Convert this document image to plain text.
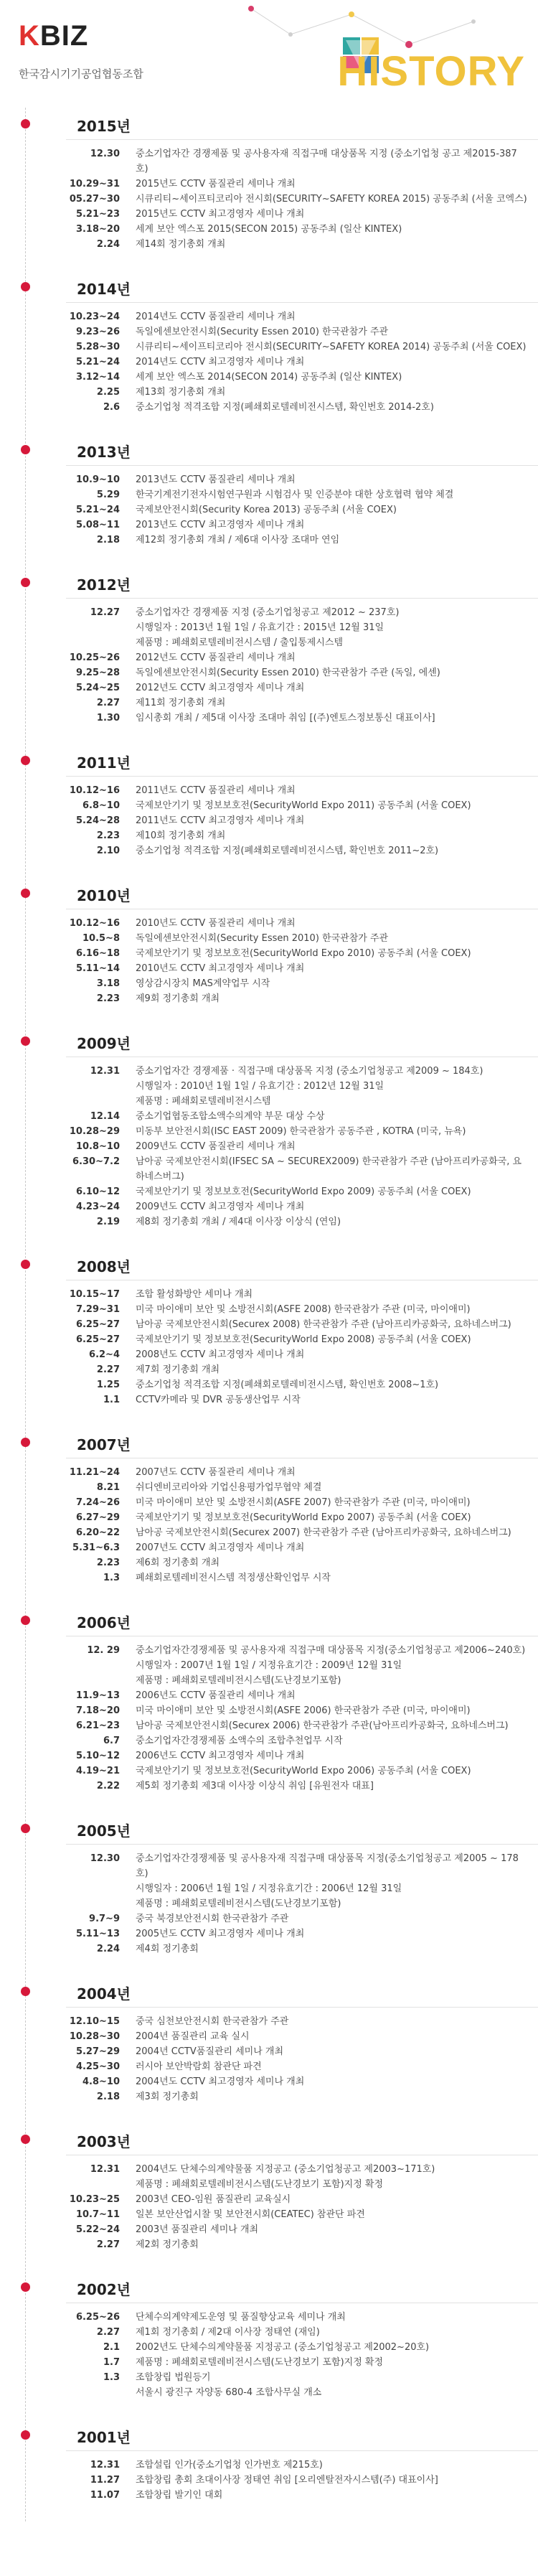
KBIZ
한국감시기기공업협동조합	HISTORY
2015년
12.30 중소기업자간 경쟁제품 및 공사용자재 직접구매 대상품목 지정 (중소기업청 공고 제2015-387호)
10.29~31 2015년도 CCTV 품질관리 세미나 개최
05.27~30 시큐리티~세이프티코리아 전시회(SECURITY~SAFETY KOREA 2015) 공동주최 (서울 코엑스)
5.21~23 2015년도 CCTV 최고경영자 세미나 개최
3.18~20 세계 보안 엑스포 2015(SECON 2015) 공동주최 (일산 KINTEX)
2.24 제14회 정기총회 개최
2014년
10.23~24 2014년도 CCTV 품질관리 세미나 개최
9.23~26 독일에센보안전시회(Security Essen 2010) 한국관참가 주관
5.28~30 시큐리티~세이프티코리아 전시회(SECURITY~SAFETY KOREA 2014) 공동주최 (서울 COEX)
5.21~24 2014년도 CCTV 최고경영자 세미나 개최
3.12~14 세계 보안 엑스포 2014(SECON 2014) 공동주최 (일산 KINTEX)
2.25 제13회 정기총회 개최
2.6 중소기업청 적격조합 지정(폐쇄회로텔레비전시스템, 확인번호 2014-2호)
2013년
10.9~10 2013년도 CCTV 품질관리 세미나 개최
5.29 한국기계전기전자시험연구원과 시험검사 및 인증분야 대한 상호협력 협약 체결
5.21~24 국제보안전시회(Security Korea 2013) 공동주최 (서울 COEX)
5.08~11 2013년도 CCTV 최고경영자 세미나 개최
2.18 제12회 정기총회 개최 / 제6대 이사장 조대마 연임
2012년
12.27 중소기업자간 경쟁제품 지정 (중소기업청공고 제2012 ~ 237호)
시행일자 : 2013년 1월 1일 / 유효기간 : 2015년 12월 31일
제품명 : 폐쇄회로텔레비전시스템 / 출입통제시스템
10.25~26 2012년도 CCTV 품질관리 세미나 개최
9.25~28 독일에센보안전시회(Security Essen 2010) 한국관참가 주관 (독일, 에센)
5.24~25 2012년도 CCTV 최고경영자 세미나 개최
2.27 제11회 정기총회 개최
1.30 임시총회 개최 / 제5대 이사장 조대마 취임 [(주)엔토스정보통신 대표이사]
2011년
10.12~16 2011년도 CCTV 품질관리 세미나 개최
6.8~10 국제보안기기 및 정보보호전(SecurityWorld Expo 2011) 공동주최 (서울 COEX)
5.24~28 2011년도 CCTV 최고경영자 세미나 개최
2.23 제10회 정기총회 개최
2.10 중소기업청 적격조합 지정(폐쇄회로텔레비전시스템, 확인번호 2011~2호)
2010년
10.12~16 2010년도 CCTV 품질관리 세미나 개최
10.5~8 독일에센보안전시회(Security Essen 2010) 한국관참가 주관
6.16~18 국제보안기기 및 정보보호전(SecurityWorld Expo 2010) 공동주최 (서울 COEX)
5.11~14 2010년도 CCTV 최고경영자 세미나 개최
3.18 영상감시장치 MAS계약업무 시작
2.23 제9회 정기총회 개최
2009년
12.31 중소기업자간 경쟁제품 · 직접구매 대상품목 지정 (중소기업청공고 제2009 ~ 184호)
시행일자 : 2010년 1월 1일 / 유효기간 : 2012년 12월 31일
제품명 : 폐쇄회로텔레비전시스템
12.14 중소기업협동조합소액수의계약 부문 대상 수상
10.28~29 미동부 보안전시회(ISC EAST 2009) 한국관참가 공동주관 , KOTRA (미국, 뉴욕)
10.8~10 2009년도 CCTV 품질관리 세미나 개최
6.30~7.2 남아공 국제보안전시회(IFSEC SA ~ SECUREX2009) 한국관참가 주관 (남아프리카공화국, 요하네스버그)
6.10~12 국제보안기기 및 정보보호전(SecurityWorld Expo 2009) 공동주최 (서울 COEX)
4.23~24 2009년도 CCTV 최고경영자 세미나 개최
2.19 제8회 정기총회 개최 / 제4대 이사장 이상식 (연임)
2008년
10.15~17 조합 활성화방안 세미나 개최
7.29~31 미국 마이애미 보안 및 소방전시회(ASFE 2008) 한국관참가 주관 (미국, 마이애미)
6.25~27 남아공 국제보안전시회(Securex 2008) 한국관참가 주관 (남아프리카공화국, 요하네스버그)
6.25~27 국제보안기기 및 정보보호전(SecurityWorld Expo 2008) 공동주최 (서울 COEX)
6.2~4 2008년도 CCTV 최고경영자 세미나 개최
2.27 제7회 정기총회 개최
1.25 중소기업청 적격조합 지정(폐쇄회로텔레비전시스템, 확인번호 2008~1호)
1.1 CCTV카메라 및 DVR 공동생산업무 시작
2007년
11.21~24 2007년도 CCTV 품질관리 세미나 개최
8.21 쉬디엔비코리아와 기업신용평가업무협약 체결
7.24~26 미국 마이애미 보안 및 소방전시회(ASFE 2007) 한국관참가 주관 (미국, 마이애미)
6.27~29 국제보안기기 및 정보보호전(SecurityWorld Expo 2007) 공동주최 (서울 COEX)
6.20~22 남아공 국제보안전시회(Securex 2007) 한국관참가 주관 (남아프리카공화국, 요하네스버그)
5.31~6.3 2007년도 CCTV 최고경영자 세미나 개최
2.23 제6회 정기총회 개최
1.3 폐쇄회로텔레비전시스템 적정생산확인업무 시작
2006년
12. 29 중소기업자간경쟁제품 및 공사용자재 직접구매 대상품목 지정(중소기업청공고 제2006~240호)
시행일자 : 2007년 1월 1일 / 지정유효기간 : 2009년 12월 31일
제품명 : 폐쇄회로텔레비전시스템(도난경보기포함)
11.9~13 2006년도 CCTV 품질관리 세미나 개최
7.18~20 미국 마이애미 보안 및 소방전시회(ASFE 2006) 한국관참가 주관 (미국, 마이애미)
6.21~23 남아공 국제보안전시회(Securex 2006) 한국관참가 주관(남아프리카공화국, 요하네스버그)
6.7 중소기업자간경쟁제품 소액수의 조합추천업무 시작
5.10~12 2006년도 CCTV 최고경영자 세미나 개최
4.19~21 국제보안기기 및 정보보호전(SecurityWorld Expo 2006) 공동주최 (서울 COEX)
2.22 제5회 정기총회 제3대 이사장 이상식 취임 [유원전자 대표]
2005년
12.30 중소기업자간경쟁제품 및 공사용자재 직접구매 대상품목 지정(중소기업청공고 제2005 ~ 178호)
시행일자 : 2006년 1월 1일 / 지정유효기간 : 2006년 12월 31일
제품명 : 폐쇄회로텔레비전시스템(도난경보기포함)
9.7~9 중국 북경보안전시회 한국관참가 주관
5.11~13 2005년도 CCTV 최고경영자 세미나 개최
2.24 제4회 정기총회
2004년
12.10~15 중국 심천보안전시회 한국관참가 주관
10.28~30 2004년 품질관리 교육 실시
5.27~29 2004년 CCTV품질관리 세미나 개최
4.25~30 러시아 보안박람회 참관단 파견
4.8~10 2004년도 CCTV 최고경영자 세미나 개최
2.18 제3회 정기총회
2003년
12.31 2004년도 단체수의계약물품 지정공고 (중소기업청공고 제2003~171호)
제품명 : 폐쇄회로텔레비전시스템(도난경보기 포함)지정 확정
10.23~25 2003년 CEO-임원 품질관리 교육실시
10.7~11 일본 보안산업시찰 및 보안전시회(CEATEC) 참관단 파견
5.22~24 2003년 품질관리 세미나 개최
2.27 제2회 정기총회
2002년
6.25~26 단체수의계약제도운영 및 품질향상교육 세미나 개최
2.27 제1회 정기총회 / 제2대 이사장 정태연 (재임)
2.1 2002년도 단체수의계약물품 지정공고 (중소기업청공고 제2002~20호)
1.7 제품명 : 폐쇄회로텔레비전시스템(도난경보기 포함)지정 확정
1.3 조합창립 법원등기
서울시 광진구 자양동 680-4 조합사무실 개소
2001년
12.31 조합설립 인가(중소기업청 인가번호 제215호)
11.27 조합창립 총회 초대이사장 정태연 취임 [오리엔탈전자시스템(주) 대표이사]
11.07 조합창립 발기인 대회
